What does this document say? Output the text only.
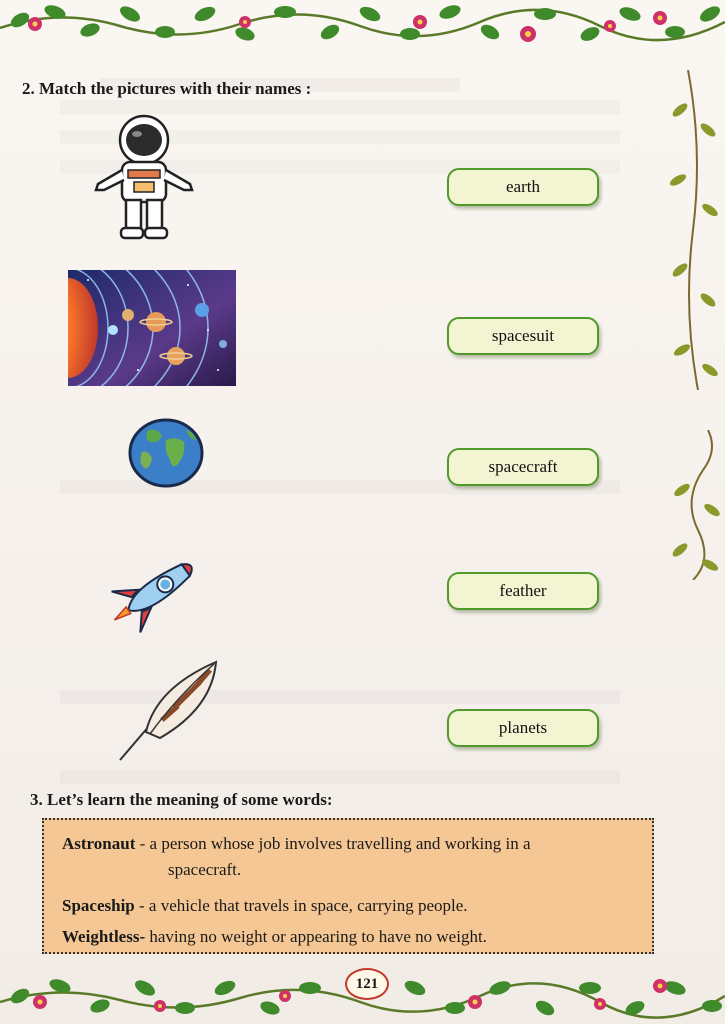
2. Match the pictures with their names :
earth
spacesuit
spacecraft
feather
planets
3. Let’s learn the meaning of some words:
Astronaut - a person whose job involves travelling and working in a
spacecraft.
Spaceship - a vehicle that travels in space, carrying people.
Weightless- having no weight or appearing to have no weight.
121
